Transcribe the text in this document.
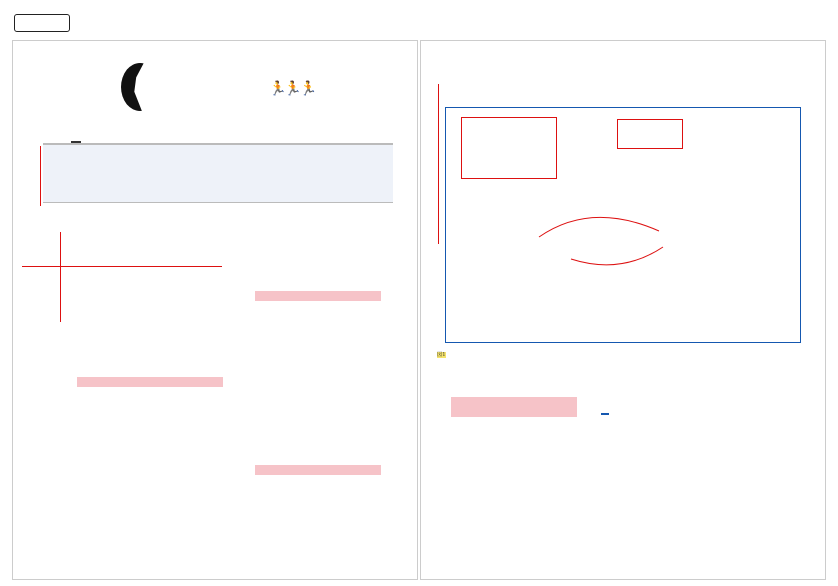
🏃🏃🏃
図1
